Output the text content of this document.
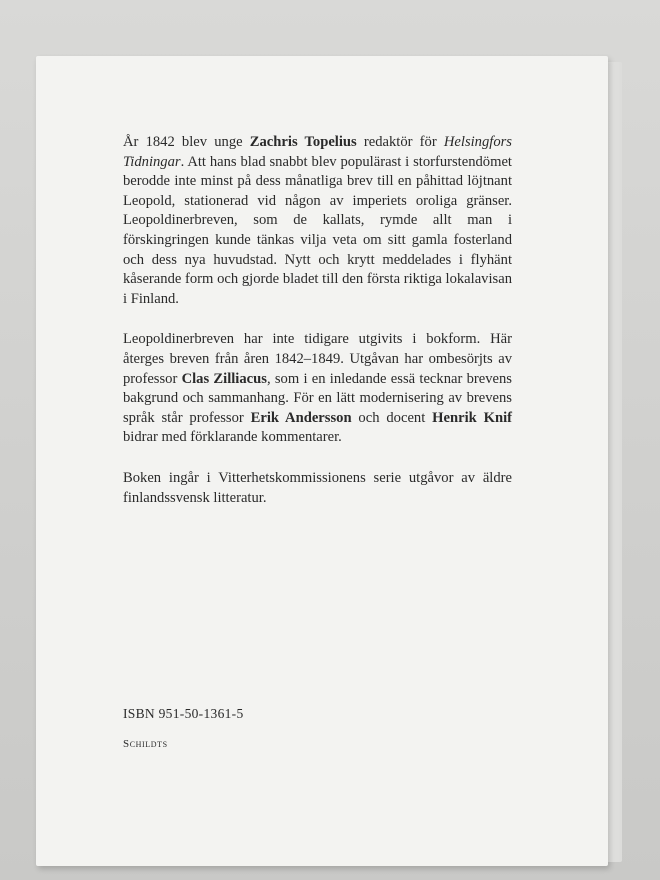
År 1842 blev unge Zachris Topelius redaktör för Helsingfors Tidningar. Att hans blad snabbt blev populärast i storfurstendömet berodde inte minst på dess månatliga brev till en påhittad löjtnant Leopold, stationerad vid någon av imperiets oroliga gränser. Leopoldinerbreven, som de kallats, rymde allt man i förskingringen kunde tänkas vilja veta om sitt gamla fosterland och dess nya huvudstad. Nytt och krytt meddelades i flyhänt kåserande form och gjorde bladet till den första riktiga lokalavisan i Finland.

Leopoldinerbreven har inte tidigare utgivits i bokform. Här återges breven från åren 1842–1849. Utgåvan har ombesörjts av professor Clas Zilliacus, som i en inledande essä tecknar brevens bakgrund och sammanhang. För en lätt modernisering av brevens språk står professor Erik Andersson och docent Henrik Knif bidrar med förklarande kommentarer.

Boken ingår i Vitterhetskommissionens serie utgåvor av äldre finlandssvensk litteratur.

ISBN 951-50-1361-5
Schildts
